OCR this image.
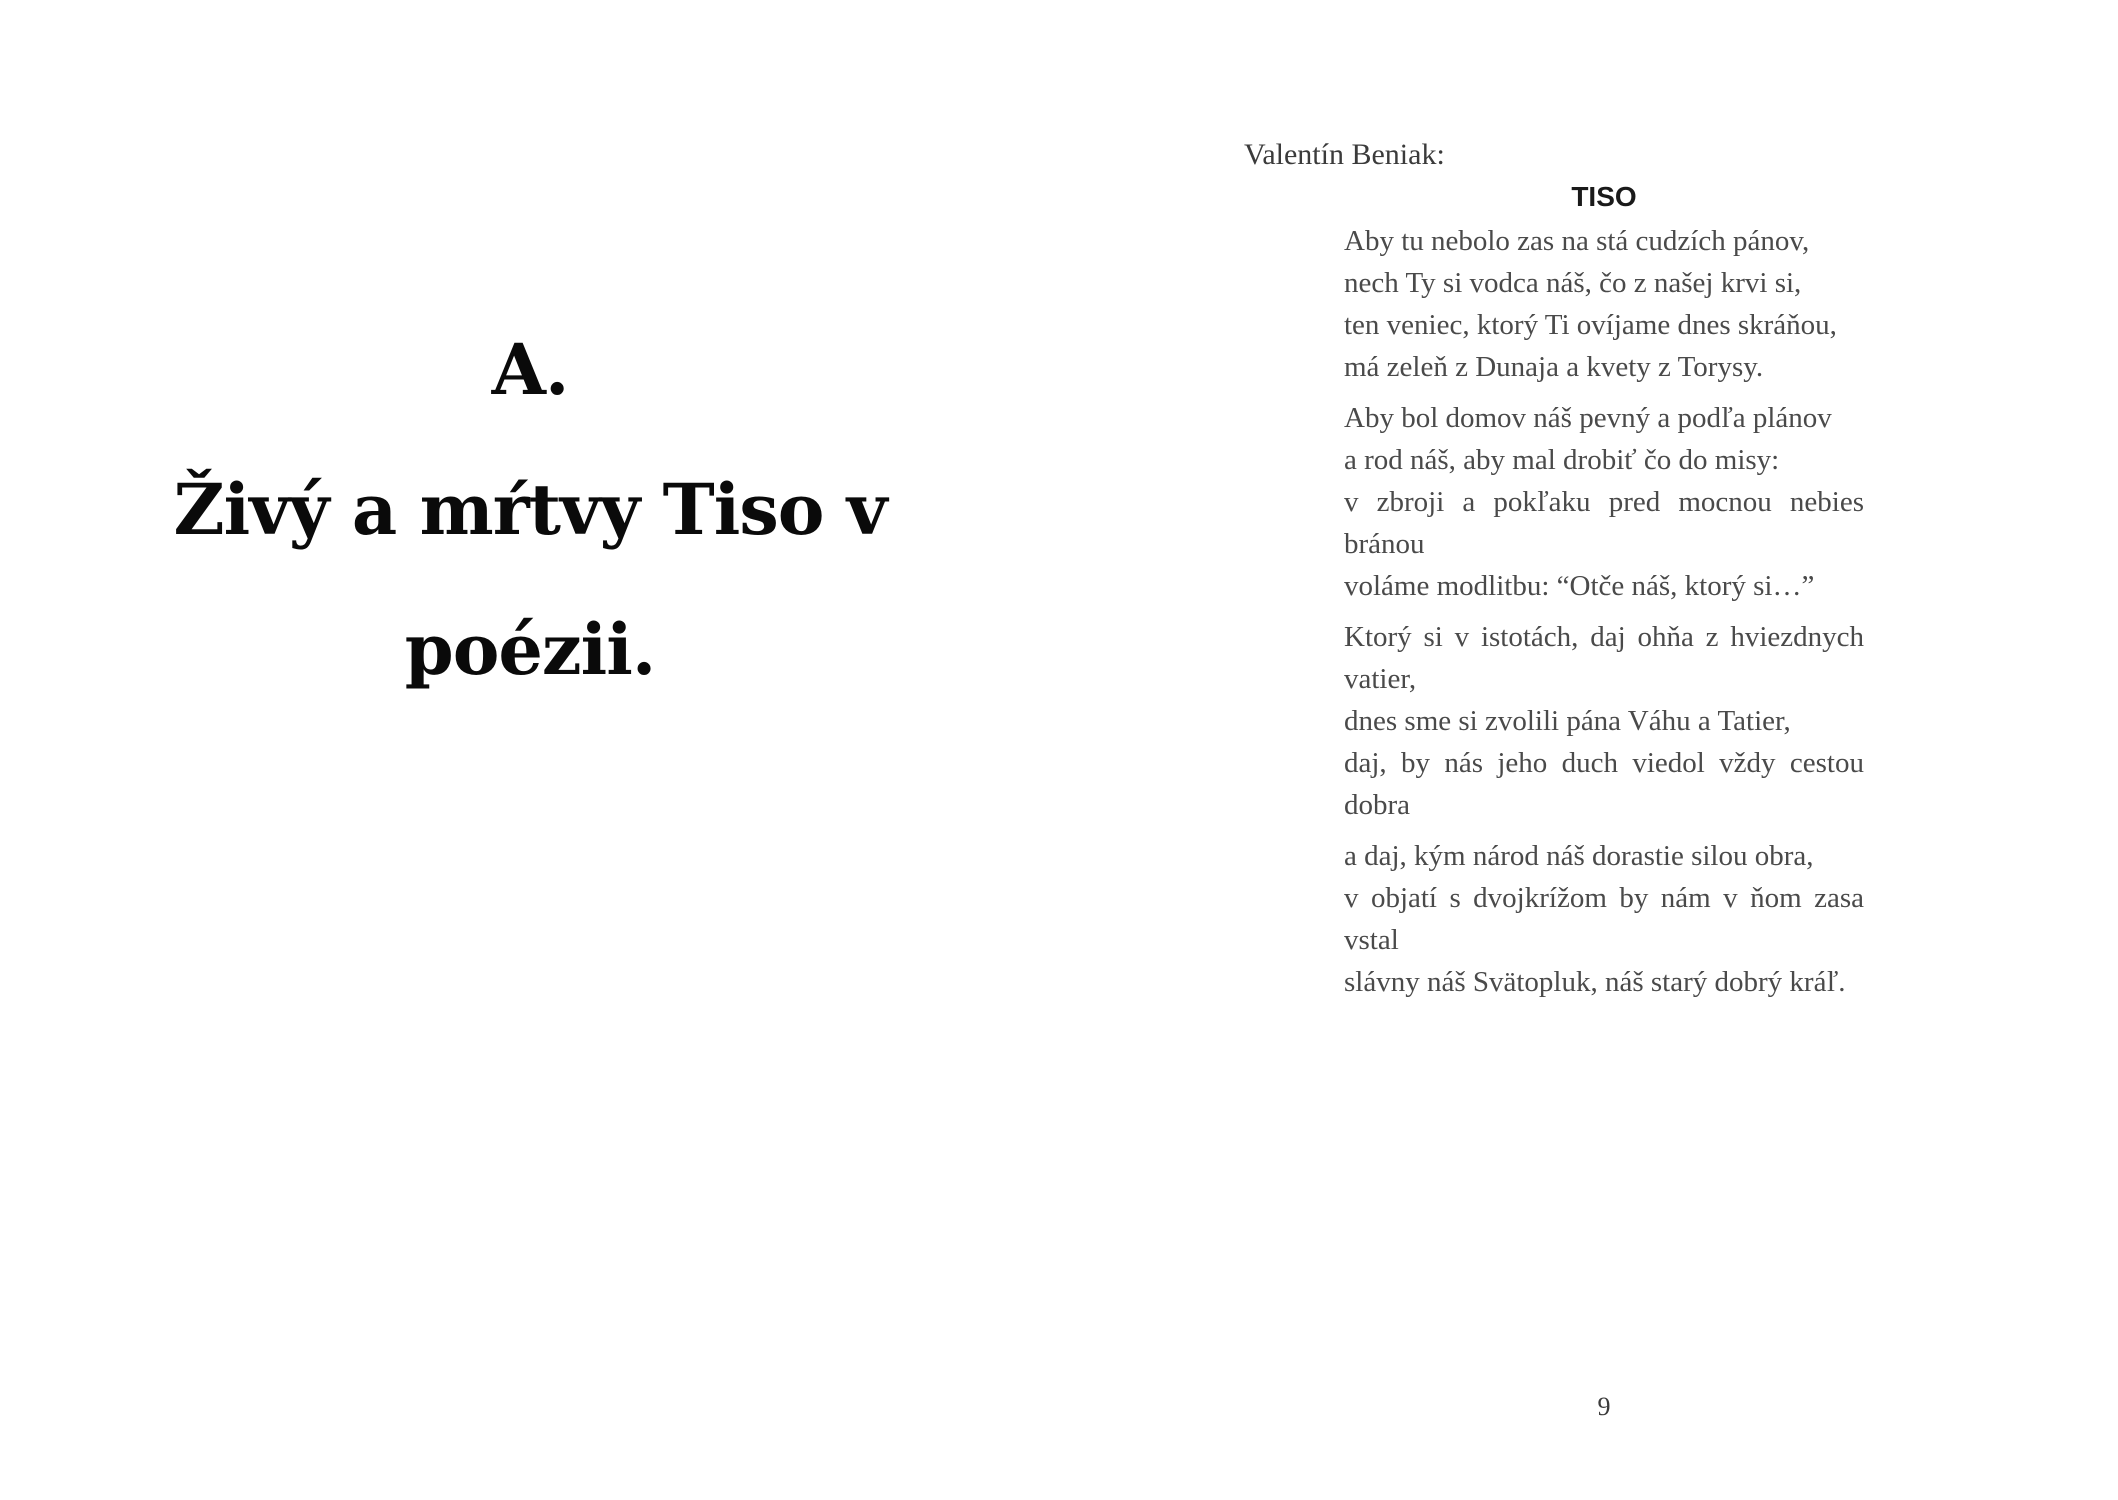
A.
Živý a mŕtvy Tiso v
poézii.
Valentín Beniak:
TISO
Aby tu nebolo zas na stá cudzích pánov,
nech Ty si vodca náš, čo z našej krvi si,
ten veniec, ktorý Ti ovíjame dnes skráňou,
má zeleň z Dunaja a kvety z Torysy.
Aby bol domov náš pevný a podľa plánov
a rod náš, aby mal drobiť čo do misy:
v zbroji a pokľaku pred mocnou nebies
bránou
voláme modlitbu: “Otče náš, ktorý si…”
Ktorý si v istotách, daj ohňa z hviezdnych
vatier,
dnes sme si zvolili pána Váhu a Tatier,
daj, by nás jeho duch viedol vždy cestou
dobra
a daj, kým národ náš dorastie silou obra,
v objatí s dvojkrížom by nám v ňom zasa
vstal
slávny náš Svätopluk, náš starý dobrý kráľ.
9
